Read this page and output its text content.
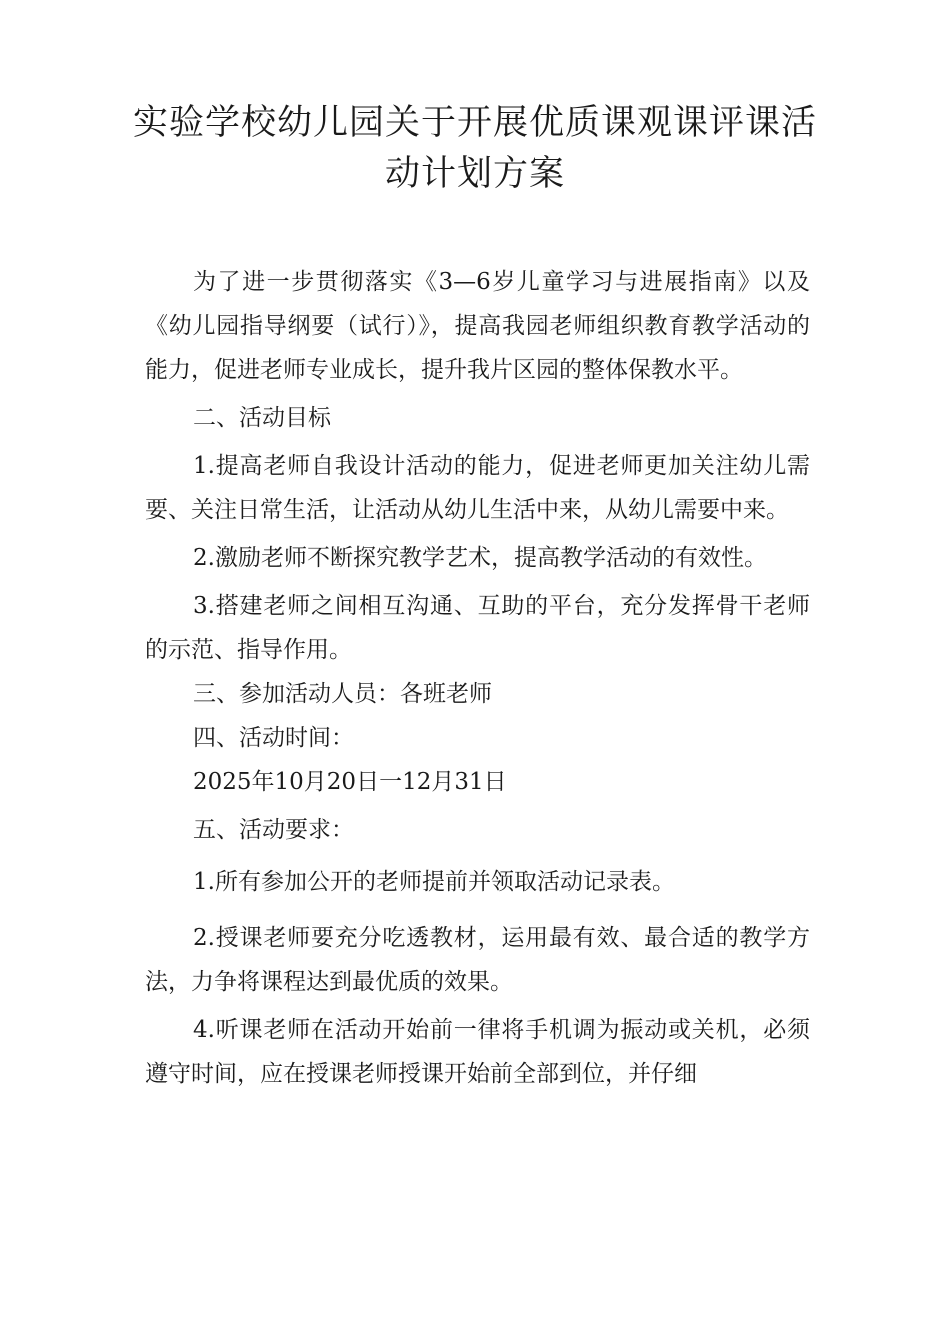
实验学校幼儿园关于开展优质课观课评课活
动计划方案

为了进一步贯彻落实《3—6岁儿童学习与进展指南》以及《幼儿园指导纲要（试行）》，提高我园老师组织教育教学活动的能力，促进老师专业成长，提升我片区园的整体保教水平。

二、活动目标

1.提高老师自我设计活动的能力，促进老师更加关注幼儿需要、关注日常生活，让活动从幼儿生活中来，从幼儿需要中来。

2.激励老师不断探究教学艺术，提高教学活动的有效性。

3.搭建老师之间相互沟通、互助的平台，充分发挥骨干老师的示范、指导作用。

三、参加活动人员：各班老师

四、活动时间：

2025年10月20日一12月31日

五、活动要求：

1.所有参加公开的老师提前并领取活动记录表。

2.授课老师要充分吃透教材，运用最有效、最合适的教学方法，力争将课程达到最优质的效果。

4.听课老师在活动开始前一律将手机调为振动或关机，必须遵守时间，应在授课老师授课开始前全部到位，并仔细
